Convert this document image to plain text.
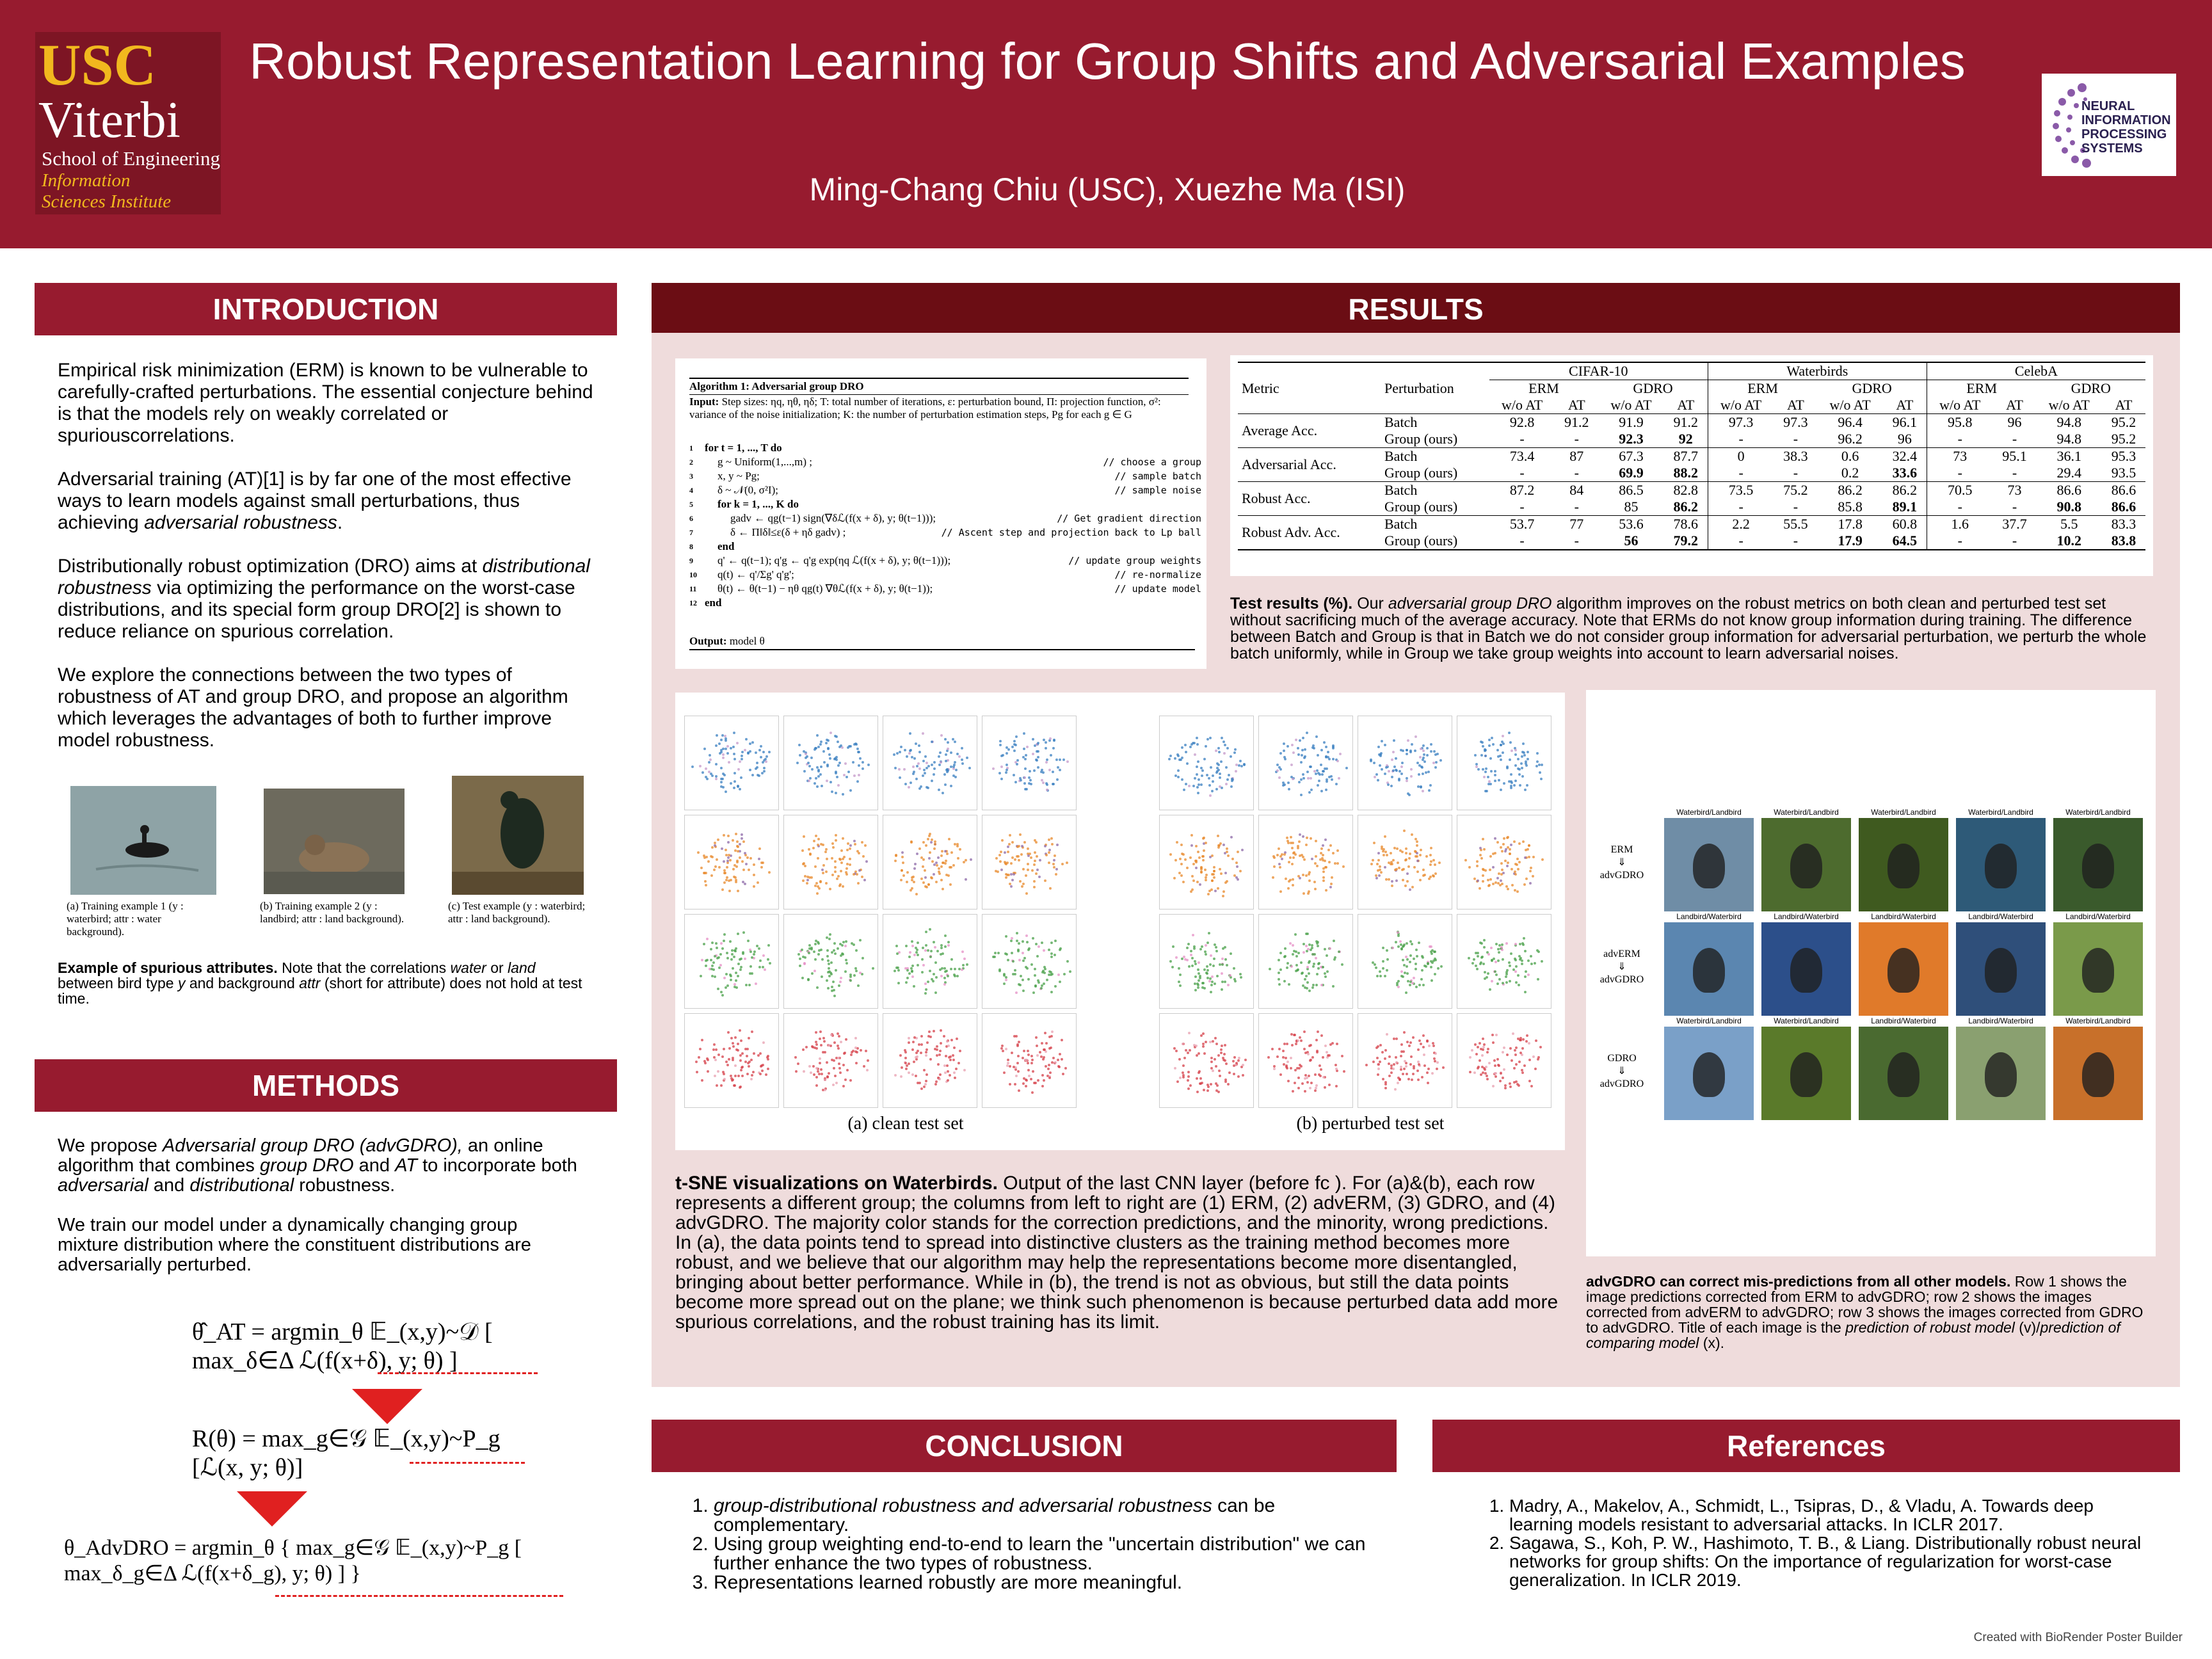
USC
Viterbi
School of Engineering
Information
Sciences Institute
Robust Representation Learning for Group Shifts and Adversarial Examples
Ming-Chang Chiu (USC), Xuezhe Ma (ISI)
NEURAL
INFORMATION
PROCESSING
SYSTEMS
INTRODUCTION

Empirical risk minimization (ERM) is known to be vulnerable to carefully-crafted perturbations. The essential conjecture behind is that the models rely on weakly correlated or spuriouscorrelations.

Adversarial training (AT)[1] is by far one of the most effective ways to learn models against small perturbations, thus achieving adversarial robustness.

Distributionally robust optimization (DRO) aims at distributional robustness via optimizing the performance on the worst-case distributions, and its special form group DRO[2] is shown to reduce reliance on spurious correlation.

We explore the connections between the two types of robustness of AT and group DRO, and propose an algorithm which leverages the advantages of both to further improve model robustness.

(a) Training example 1 (y : waterbird; attr : water background).
(b) Training example 2 (y : landbird; attr : land background).
(c) Test example (y : waterbird; attr : land background).
Example of spurious attributes. Note that the correlations water or land between bird type y and background attr (short for attribute) does not hold at test time.
METHODS

We propose Adversarial group DRO (advGDRO), an online algorithm that combines group DRO and AT to incorporate both adversarial and distributional robustness.

We train our model under a dynamically changing group mixture distribution where the constituent distributions are adversarially perturbed.

θ̂_AT = argmin_θ 𝔼_(x,y)~𝒟 [ max_δ∈Δ ℒ(f(x+δ), y; θ) ]
R(θ) = max_g∈𝒢 𝔼_(x,y)~P_g [ℒ(x, y; θ)]
θ_AdvDRO = argmin_θ { max_g∈𝒢 𝔼_(x,y)~P_g [ max_δ_g∈Δ ℒ(f(x+δ_g), y; θ) ] }
RESULTS
Algorithm 1: Adversarial group DRO
Input: Step sizes: ηq, ηθ, ηδ; T: total number of iterations, ε: perturbation bound, Π: projection function, σ²: variance of the noise initialization; K: the number of perturbation estimation steps, Pg for each g ∈ G
1	for t = 1, ..., T do
2	g ~ Uniform(1,...,m) ;	// choose a group
3	x, y ~ Pg;	// sample batch
4	δ ~ 𝒩(0, σ²I);	// sample noise
5	for k = 1, ..., K do
6	gadv ← qg(t−1) sign(∇δℒ(f(x + δ), y; θ(t−1)));	// Get gradient direction
7	δ ← Π‖δ‖≤ε(δ + ηδ gadv) ;	// Ascent step and projection back to Lp ball
8	end
9	q' ← q(t−1); q'g ← q'g exp(ηq ℒ(f(x + δ), y; θ(t−1)));	// update group weights
10	q(t) ← q'/Σg' q'g';	// re-normalize
11	θ(t) ← θ(t−1) − ηθ qg(t) ∇θℒ(f(x + δ), y; θ(t−1));	// update model
12 end
Output: model θ
Metric	Perturbation	CIFAR-10				Waterbirds				CelebA			
		ERM		GDRO		ERM		GDRO		ERM		GDRO	
		w/o AT	AT	w/o AT	AT	w/o AT	AT	w/o AT	AT	w/o AT	AT	w/o AT	AT
Average Acc.	Batch	92.8	91.2	91.9	91.2	97.3	97.3	96.4	96.1	95.8	96	94.8	95.2
	Group (ours)	-	-	92.3	92	-	-	96.2	96	-	-	94.8	95.2
Adversarial Acc.	Batch	73.4	87	67.3	87.7	0	38.3	0.6	32.4	73	95.1	36.1	95.3
	Group (ours)	-	-	69.9	88.2	-	-	0.2	33.6	-	-	29.4	93.5
Robust Acc.	Batch	87.2	84	86.5	82.8	73.5	75.2	86.2	86.2	70.5	73	86.6	86.6
	Group (ours)	-	-	85	86.2	-	-	85.8	89.1	-	-	90.8	86.6
Robust Adv. Acc.	Batch	53.7	77	53.6	78.6	2.2	55.5	17.8	60.8	1.6	37.7	5.5	83.3
	Group (ours)	-	-	56	79.2	-	-	17.9	64.5	-	-	10.2	83.8
Test results (%). Our adversarial group DRO algorithm improves on the robust metrics on both clean and perturbed test set without sacrificing much of the average accuracy. Note that ERMs do not know group information during training. The difference between Batch and Group is that in Batch we do not consider group information for adversarial perturbation, we perturb the whole batch uniformly, while in Group we take group weights into account to learn adversarial noises.
(a) clean test set	(b) perturbed test set
t-SNE visualizations on Waterbirds. Output of the last CNN layer (before fc ). For (a)&(b), each row represents a different group; the columns from left to right are (1) ERM, (2) advERM, (3) GDRO, and (4) advGDRO. The majority color stands for the correction predictions, and the minority, wrong predictions. In (a), the data points tend to spread into distinctive clusters as the training method becomes more robust, and we believe that our algorithm may help the representations become more disentangled, bringing about better performance. While in (b), the trend is not as obvious, but still the data points become more spread out on the plane; we think such phenomenon is because perturbed data add more spurious correlations, and the robust training has its limit.
ERM
⇓
advGDRO
Waterbird/Landbird	Waterbird/Landbird	Waterbird/Landbird	Waterbird/Landbird	Waterbird/Landbird
advERM
⇓
advGDRO
Landbird/Waterbird	Landbird/Waterbird	Landbird/Waterbird	Landbird/Waterbird	Landbird/Waterbird
GDRO
⇓
advGDRO
Waterbird/Landbird	Waterbird/Landbird	Landbird/Waterbird	Landbird/Waterbird	Waterbird/Landbird
advGDRO can correct mis-predictions from all other models. Row 1 shows the image predictions corrected from ERM to advGDRO; row 2 shows the images corrected from advERM to advGDRO; row 3 shows the images corrected from GDRO to advGDRO. Title of each image is the prediction of robust model (v)/prediction of comparing model (x).
CONCLUSION
1. group-distributional robustness and adversarial robustness can be complementary.
2. Using group weighting end-to-end to learn the "uncertain distribution" we can further enhance the two types of robustness.
3. Representations learned robustly are more meaningful.
References
1. Madry, A., Makelov, A., Schmidt, L., Tsipras, D., & Vladu, A. Towards deep learning models resistant to adversarial attacks. In ICLR 2017.
2. Sagawa, S., Koh, P. W., Hashimoto, T. B., & Liang. Distributionally robust neural networks for group shifts: On the importance of regularization for worst-case generalization. In ICLR 2019.
Created with BioRender Poster Builder
